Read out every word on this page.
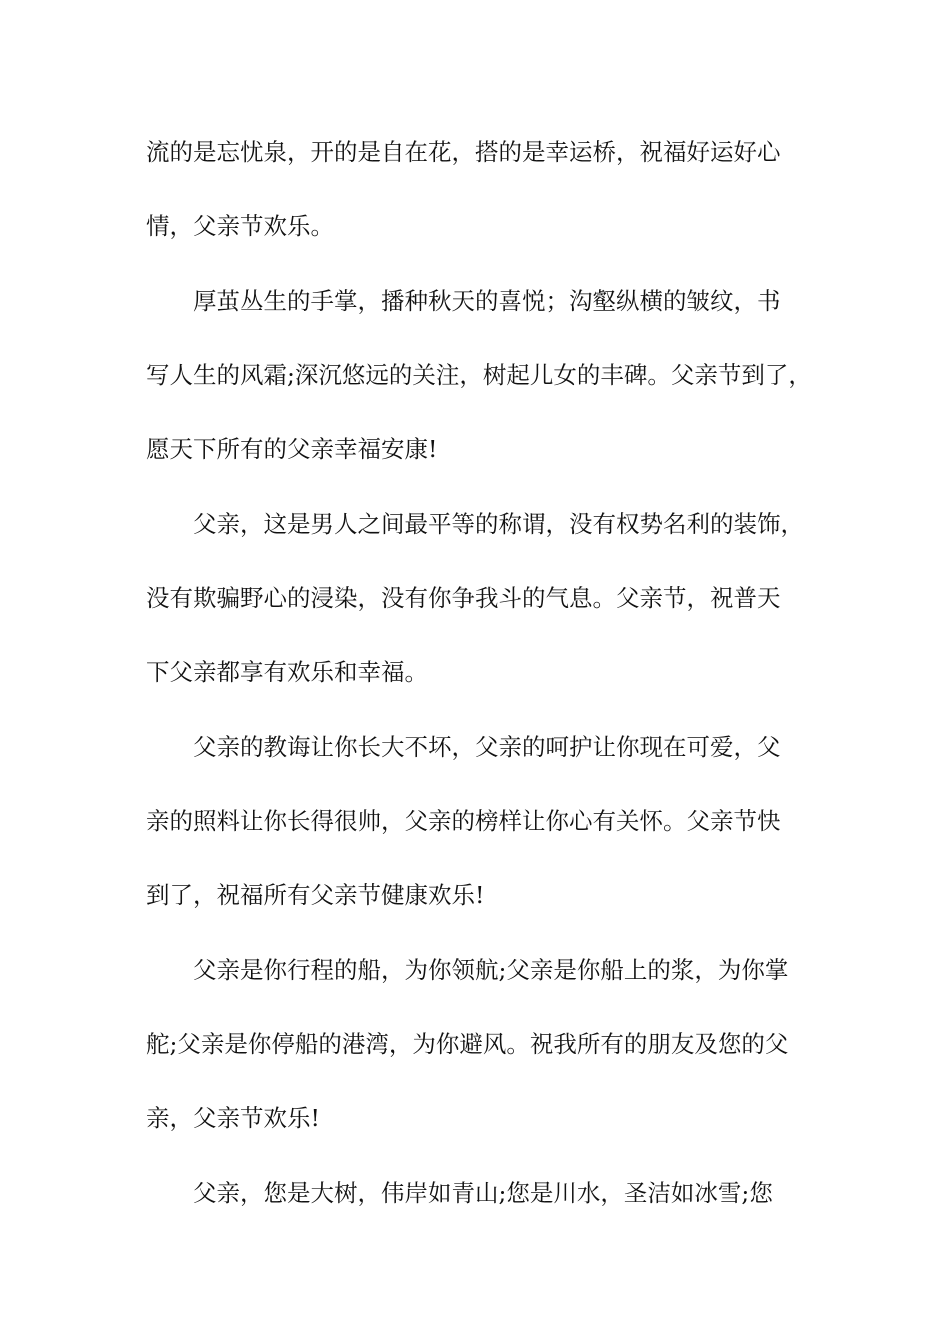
流的是忘忧泉，开的是自在花，搭的是幸运桥，祝福好运好心
情，父亲节欢乐。
厚茧丛生的手掌，播种秋天的喜悦；沟壑纵横的皱纹，书
写人生的风霜;深沉悠远的关注，树起儿女的丰碑。父亲节到了，
愿天下所有的父亲幸福安康!
父亲，这是男人之间最平等的称谓，没有权势名利的装饰，
没有欺骗野心的浸染，没有你争我斗的气息。父亲节，祝普天
下父亲都享有欢乐和幸福。
父亲的教诲让你长大不坏，父亲的呵护让你现在可爱，父
亲的照料让你长得很帅，父亲的榜样让你心有关怀。父亲节快
到了，祝福所有父亲节健康欢乐!
父亲是你行程的船，为你领航;父亲是你船上的浆，为你掌
舵;父亲是你停船的港湾，为你避风。祝我所有的朋友及您的父
亲，父亲节欢乐!
父亲，您是大树，伟岸如青山;您是川水，圣洁如冰雪;您
